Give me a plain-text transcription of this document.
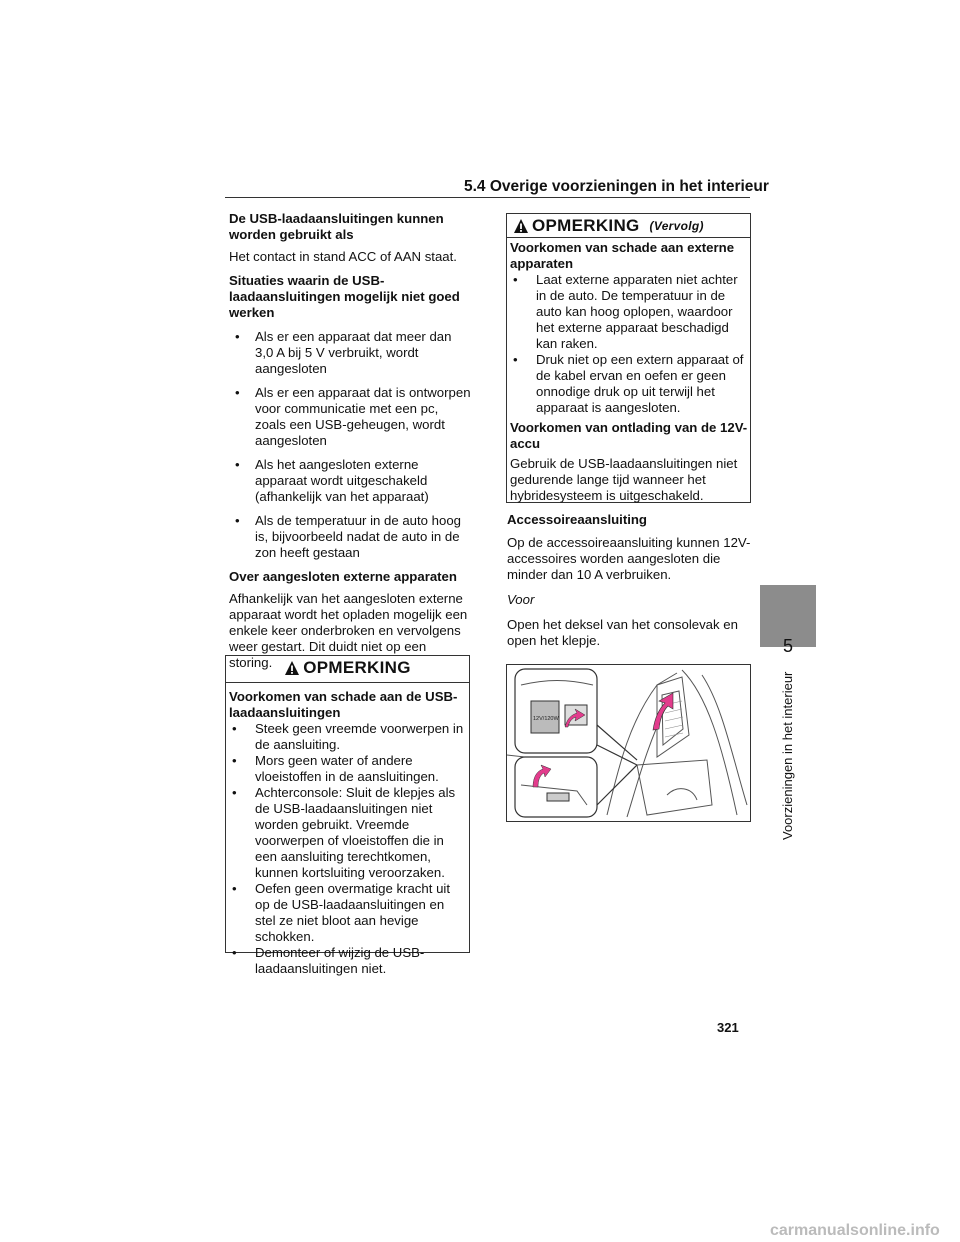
5.4 Overige voorzieningen in het interieur

De USB-laadaansluitingen kunnen worden gebruikt als

Het contact in stand ACC of AAN staat.

Situaties waarin de USB-laadaansluitingen mogelijk niet goed werken

• Als er een apparaat dat meer dan 3,0 A bij 5 V verbruikt, wordt aangesloten
• Als er een apparaat dat is ontworpen voor communicatie met een pc, zoals een USB-geheugen, wordt aangesloten
• Als het aangesloten externe apparaat wordt uitgeschakeld (afhankelijk van het apparaat)
• Als de temperatuur in de auto hoog is, bijvoorbeeld nadat de auto in de zon heeft gestaan

Over aangesloten externe apparaten

Afhankelijk van het aangesloten externe apparaat wordt het opladen mogelijk een enkele keer onderbroken en vervolgens weer gestart. Dit duidt niet op een storing.	OPMERKING

Voorkomen van schade aan de USB-laadaansluitingen

• Steek geen vreemde voorwerpen in de aansluiting.
• Mors geen water of andere vloeistoffen in de aansluitingen.
• Achterconsole: Sluit de klepjes als de USB-laadaansluitingen niet worden gebruikt. Vreemde voorwerpen of vloeistoffen die in een aansluiting terechtkomen, kunnen kortsluiting veroorzaken.
• Oefen geen overmatige kracht uit op de USB-laadaansluitingen en stel ze niet bloot aan hevige schokken.
• Demonteer of wijzig de USB-laadaansluitingen niet.
OPMERKING (Vervolg)

Voorkomen van schade aan externe apparaten

• Laat externe apparaten niet achter in de auto. De temperatuur in de auto kan hoog oplopen, waardoor het externe apparaat beschadigd kan raken.
• Druk niet op een extern apparaat of de kabel ervan en oefen er geen onnodige druk op uit terwijl het apparaat is aangesloten.

Voorkomen van ontlading van de 12V-accu

Gebruik de USB-laadaansluitingen niet gedurende lange tijd wanneer het hybridesysteem is uitgeschakeld.

Accessoireaansluiting

Op de accessoireaansluiting kunnen 12V-accessoires worden aangesloten die minder dan 10 A verbruiken.

Voor

Open het deksel van het consolevak en open het klepje.

12V/120W
5
Voorzieningen in het interieur
321
carmanualsonline.info
